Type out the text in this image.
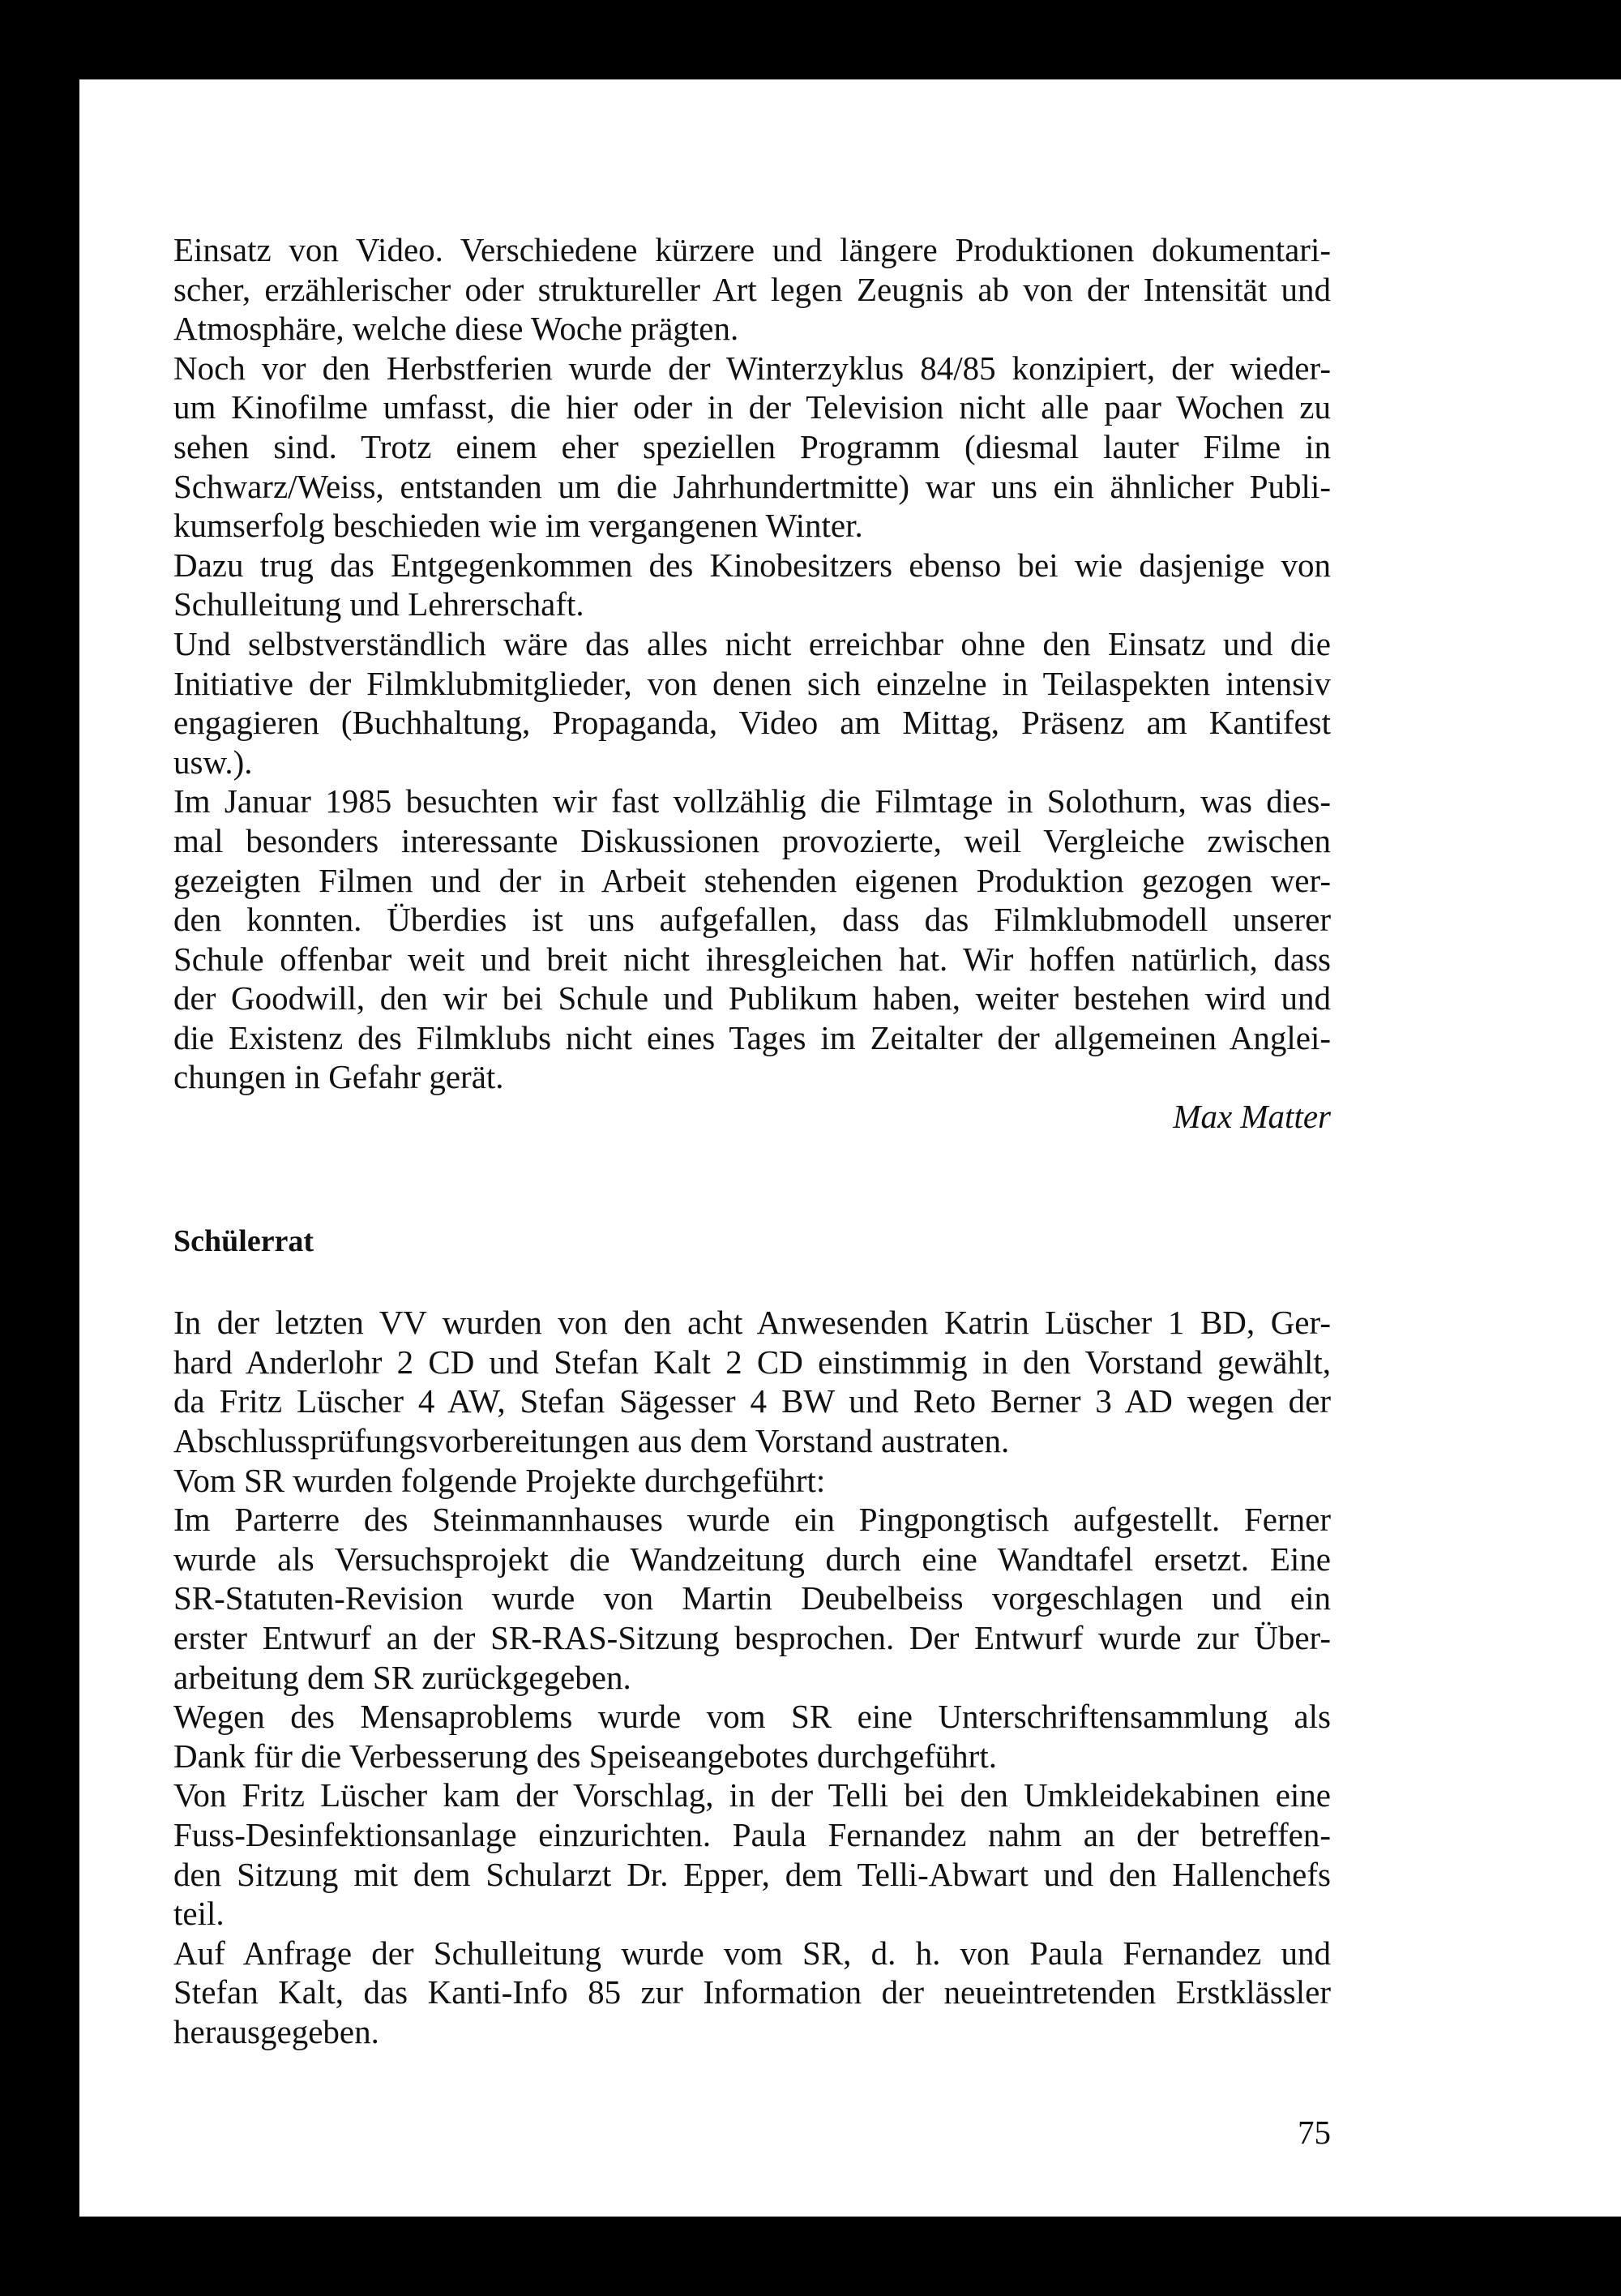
Einsatz von Video. Verschiedene kürzere und längere Produktionen dokumentari-
scher, erzählerischer oder struktureller Art legen Zeugnis ab von der Intensität und
Atmosphäre, welche diese Woche prägten.
Noch vor den Herbstferien wurde der Winterzyklus 84/85 konzipiert, der wieder-
um Kinofilme umfasst, die hier oder in der Television nicht alle paar Wochen zu
sehen sind. Trotz einem eher speziellen Programm (diesmal lauter Filme in
Schwarz/Weiss, entstanden um die Jahrhundertmitte) war uns ein ähnlicher Publi-
kumserfolg beschieden wie im vergangenen Winter.
Dazu trug das Entgegenkommen des Kinobesitzers ebenso bei wie dasjenige von
Schulleitung und Lehrerschaft.
Und selbstverständlich wäre das alles nicht erreichbar ohne den Einsatz und die
Initiative der Filmklubmitglieder, von denen sich einzelne in Teilaspekten intensiv
engagieren (Buchhaltung, Propaganda, Video am Mittag, Präsenz am Kantifest
usw.).
Im Januar 1985 besuchten wir fast vollzählig die Filmtage in Solothurn, was dies-
mal besonders interessante Diskussionen provozierte, weil Vergleiche zwischen
gezeigten Filmen und der in Arbeit stehenden eigenen Produktion gezogen wer-
den konnten. Überdies ist uns aufgefallen, dass das Filmklubmodell unserer
Schule offenbar weit und breit nicht ihresgleichen hat. Wir hoffen natürlich, dass
der Goodwill, den wir bei Schule und Publikum haben, weiter bestehen wird und
die Existenz des Filmklubs nicht eines Tages im Zeitalter der allgemeinen Anglei-
chungen in Gefahr gerät.
Max Matter
Schülerrat
In der letzten VV wurden von den acht Anwesenden Katrin Lüscher 1 BD, Ger-
hard Anderlohr 2 CD und Stefan Kalt 2 CD einstimmig in den Vorstand gewählt,
da Fritz Lüscher 4 AW, Stefan Sägesser 4 BW und Reto Berner 3 AD wegen der
Abschlussprüfungsvorbereitungen aus dem Vorstand austraten.
Vom SR wurden folgende Projekte durchgeführt:
Im Parterre des Steinmannhauses wurde ein Pingpongtisch aufgestellt. Ferner
wurde als Versuchsprojekt die Wandzeitung durch eine Wandtafel ersetzt. Eine
SR-Statuten-Revision wurde von Martin Deubelbeiss vorgeschlagen und ein
erster Entwurf an der SR-RAS-Sitzung besprochen. Der Entwurf wurde zur Über-
arbeitung dem SR zurückgegeben.
Wegen des Mensaproblems wurde vom SR eine Unterschriftensammlung als
Dank für die Verbesserung des Speiseangebotes durchgeführt.
Von Fritz Lüscher kam der Vorschlag, in der Telli bei den Umkleidekabinen eine
Fuss-Desinfektionsanlage einzurichten. Paula Fernandez nahm an der betreffen-
den Sitzung mit dem Schularzt Dr. Epper, dem Telli-Abwart und den Hallenchefs
teil.
Auf Anfrage der Schulleitung wurde vom SR, d. h. von Paula Fernandez und
Stefan Kalt, das Kanti-Info 85 zur Information der neueintretenden Erstklässler
herausgegeben.
75
